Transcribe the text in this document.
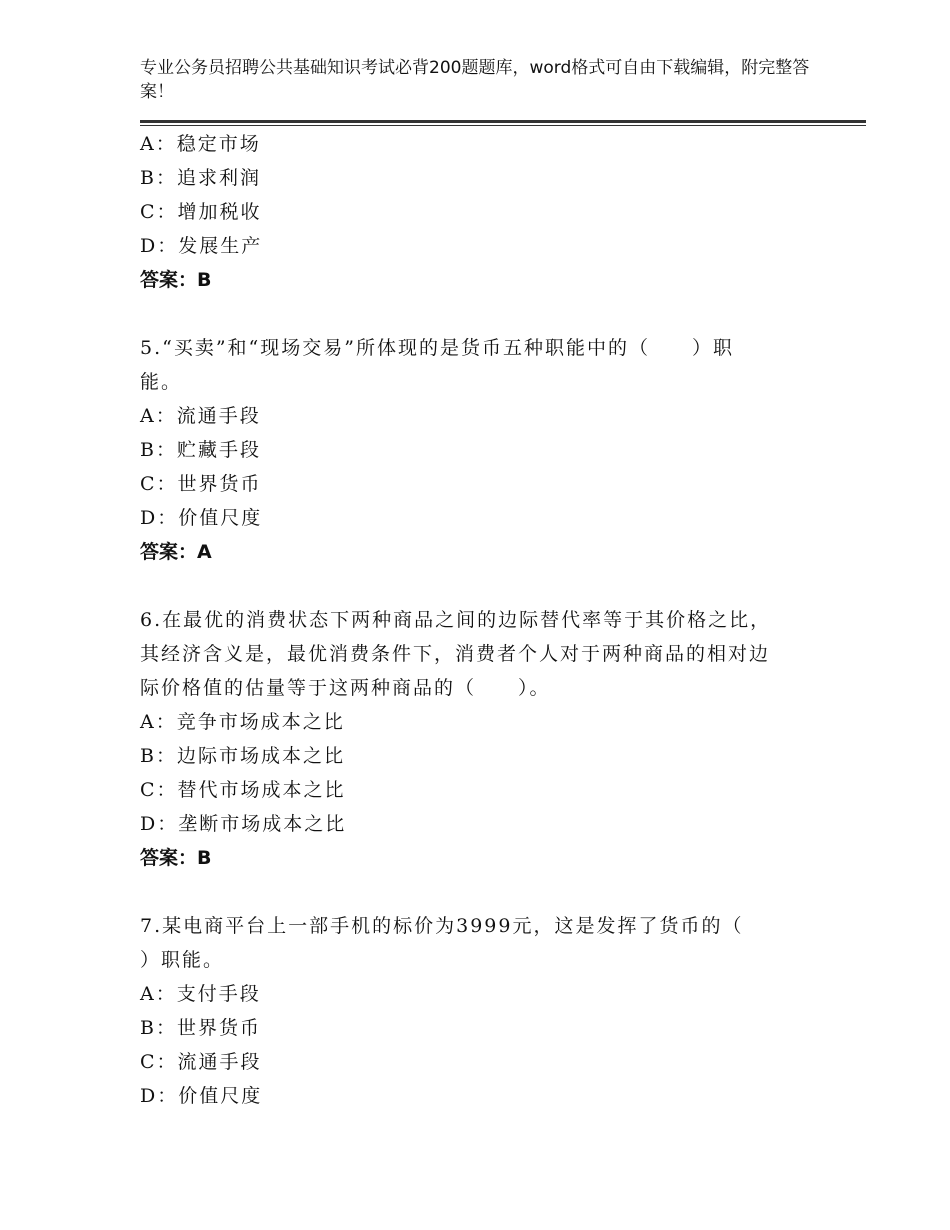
专业公务员招聘公共基础知识考试必背200题题库，word格式可自由下载编辑，附完整答案！
A：稳定市场
B：追求利润
C：增加税收
D：发展生产
答案：B
5.“买卖”和“现场交易”所体现的是货币五种职能中的（　　）职
能。
A：流通手段
B：贮藏手段
C：世界货币
D：价值尺度
答案：A
6.在最优的消费状态下两种商品之间的边际替代率等于其价格之比，
其经济含义是，最优消费条件下，消费者个人对于两种商品的相对边
际价格值的估量等于这两种商品的（　　）。
A：竞争市场成本之比
B：边际市场成本之比
C：替代市场成本之比
D：垄断市场成本之比
答案：B
7.某电商平台上一部手机的标价为3999元，这是发挥了货币的（
）职能。
A：支付手段
B：世界货币
C：流通手段
D：价值尺度
